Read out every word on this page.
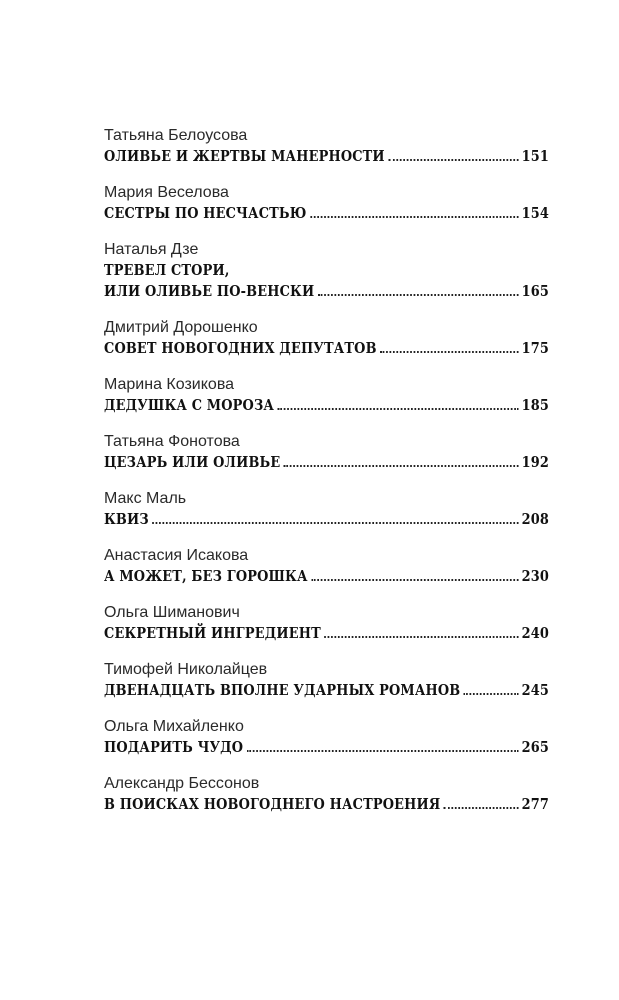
Татьяна Белоусова
ОЛИВЬЕ И ЖЕРТВЫ МАНЕРНОСТИ	151
Мария Веселова
СЕСТРЫ ПО НЕСЧАСТЬЮ	154
Наталья Дзе
ТРЕВЕЛ СТОРИ,
ИЛИ ОЛИВЬЕ ПО-ВЕНСКИ	165
Дмитрий Дорошенко
СОВЕТ НОВОГОДНИХ ДЕПУТАТОВ	175
Марина Козикова
ДЕДУШКА С МОРОЗА	185
Татьяна Фонотова
ЦЕЗАРЬ ИЛИ ОЛИВЬЕ	192
Макс Маль
КВИЗ	208
Анастасия Исакова
А МОЖЕТ, БЕЗ ГОРОШКА	230
Ольга Шиманович
СЕКРЕТНЫЙ ИНГРЕДИЕНТ	240
Тимофей Николайцев
ДВЕНАДЦАТЬ ВПОЛНЕ УДАРНЫХ РОМАНОВ	245
Ольга Михайленко
ПОДАРИТЬ ЧУДО	265
Александр Бессонов
В ПОИСКАХ НОВОГОДНЕГО НАСТРОЕНИЯ	277
